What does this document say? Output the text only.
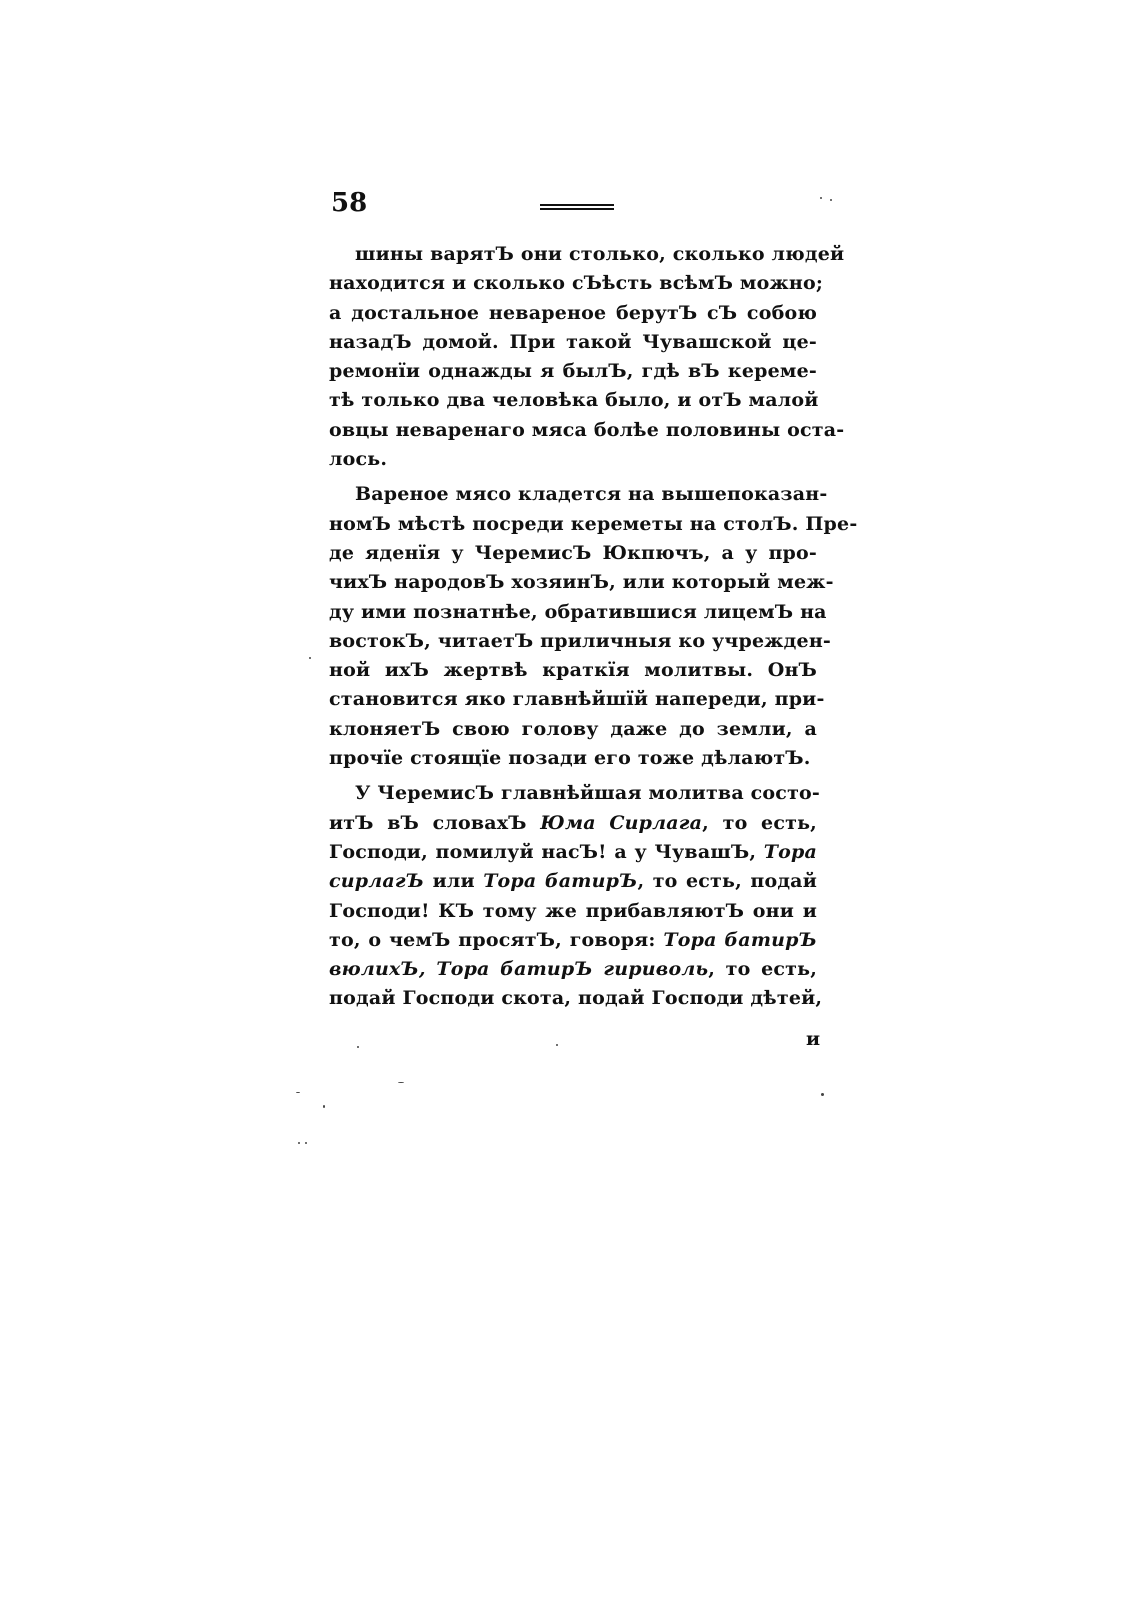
58
шины варятЪ они столько, сколько людей
находится и сколько сЪѣсть всѣмЪ можно;
а достальное невареное берутЪ сЪ собою
назадЪ домой. При такой Чувашской це-
ремонїи однажды я былЪ, гдѣ вЪ кереме-
тѣ только два человѣка было, и отЪ малой
овцы неваренаго мяса болѣе половины оста-
лось.
Вареное мясо кладется на вышепоказан-
номЪ мѣстѣ посреди кереметы на столЪ. Пре-
де яденїя у ЧеремисЪ Юкпючъ, а у про-
чихЪ народовЪ хозяинЪ, или который меж-
ду ими познатнѣе, обратившися лицемЪ на
востокЪ, читаетЪ приличныя ко учрежден-
ной ихЪ жертвѣ краткїя молитвы. ОнЪ
становится яко главнѣйшїй напереди, при-
клоняетЪ свою голову даже до земли, а
прочїе стоящїе позади его тоже дѣлаютЪ.
У ЧеремисЪ главнѣйшая молитва состо-
итЪ вЪ словахЪ Юма Сирлага, то есть,
Господи, помилуй насЪ! а у ЧувашЪ, Тора
сирлагЪ или Тора батирЪ, то есть, подай
Господи! КЪ тому же прибавляютЪ они и
то, о чемЪ просятЪ, говоря: Тора батирЪ
вюлихЪ, Тора батирЪ гириволь, то есть,
подай Господи скота, подай Господи дѣтей,
и
